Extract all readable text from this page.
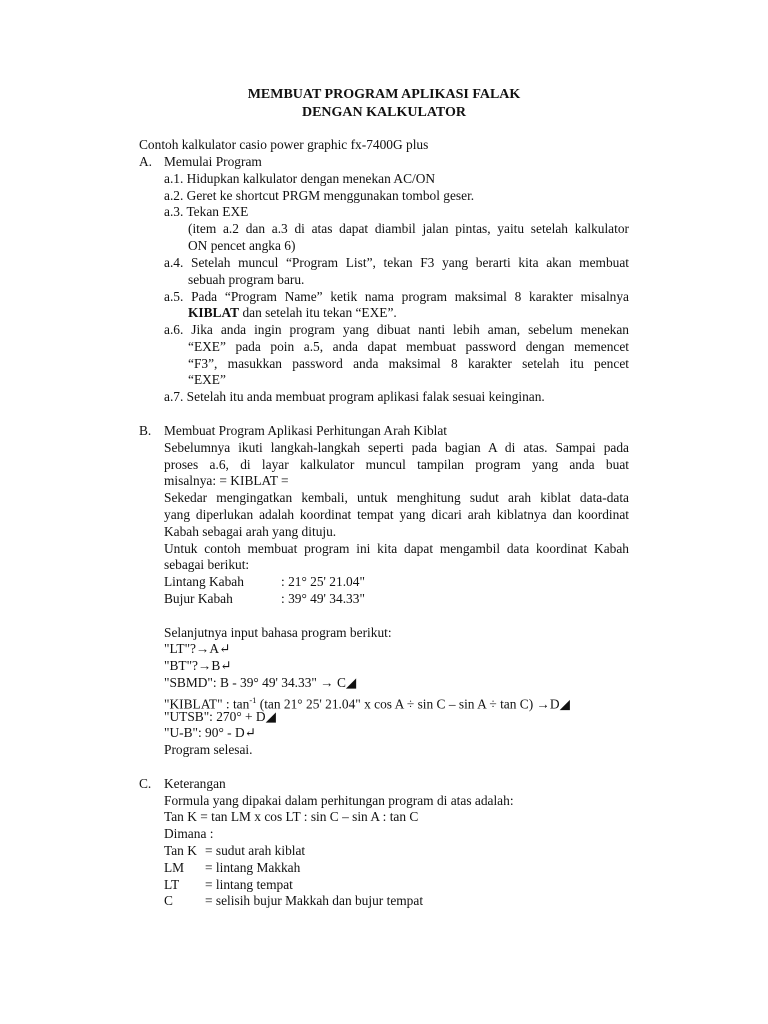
MEMBUAT PROGRAM APLIKASI FALAK
DENGAN KALKULATOR
Contoh kalkulator casio power graphic fx-7400G plus
A. Memulai Program
a.1. Hidupkan kalkulator dengan menekan AC/ON
a.2. Geret ke shortcut PRGM menggunakan tombol geser.
a.3. Tekan EXE
(item a.2 dan a.3 di atas dapat diambil jalan pintas, yaitu setelah kalkulator
ON pencet angka 6)
a.4. Setelah muncul “Program List”, tekan F3 yang berarti kita akan membuat
sebuah program baru.
a.5. Pada “Program Name” ketik nama program maksimal 8 karakter misalnya
KIBLAT dan setelah itu tekan “EXE”.
a.6. Jika anda ingin program yang dibuat nanti lebih aman, sebelum menekan
“EXE” pada poin a.5, anda dapat membuat password dengan memencet
“F3”, masukkan password anda maksimal 8 karakter setelah itu pencet
“EXE”
a.7. Setelah itu anda membuat program aplikasi falak sesuai keinginan.
B. Membuat Program Aplikasi Perhitungan Arah Kiblat
Sebelumnya ikuti langkah-langkah seperti pada bagian A di atas. Sampai pada
proses a.6, di layar kalkulator muncul tampilan program yang anda buat
misalnya: = KIBLAT =
Sekedar mengingatkan kembali, untuk menghitung sudut arah kiblat data-data
yang diperlukan adalah koordinat tempat yang dicari arah kiblatnya dan koordinat
Kabah sebagai arah yang dituju.
Untuk contoh membuat program ini kita dapat mengambil data koordinat Kabah
sebagai berikut:
Lintang Kabah	: 21° 25' 21.04"
Bujur Kabah	: 39° 49' 34.33"
Selanjutnya input bahasa program berikut:
"LT"?→A↵
"BT"?→B↵
"SBMD": B - 39° 49' 34.33" → C◢
"KIBLAT" : $\tan^{-1} (\tan$ 21° 25' 21.04" x cos A ÷ sin C – sin A ÷ tan C) →D◢
"UTSB": 270° + D◢
"U-B": 90° - D↵
Program selesai.
C. Keterangan
Formula yang dipakai dalam perhitungan program di atas adalah:
Tan K = tan LM x cos LT : sin C – sin A : tan C
Dimana :
Tan K = sudut arah kiblat
LM = lintang Makkah
LT = lintang tempat
C = selisih bujur Makkah dan bujur tempat
